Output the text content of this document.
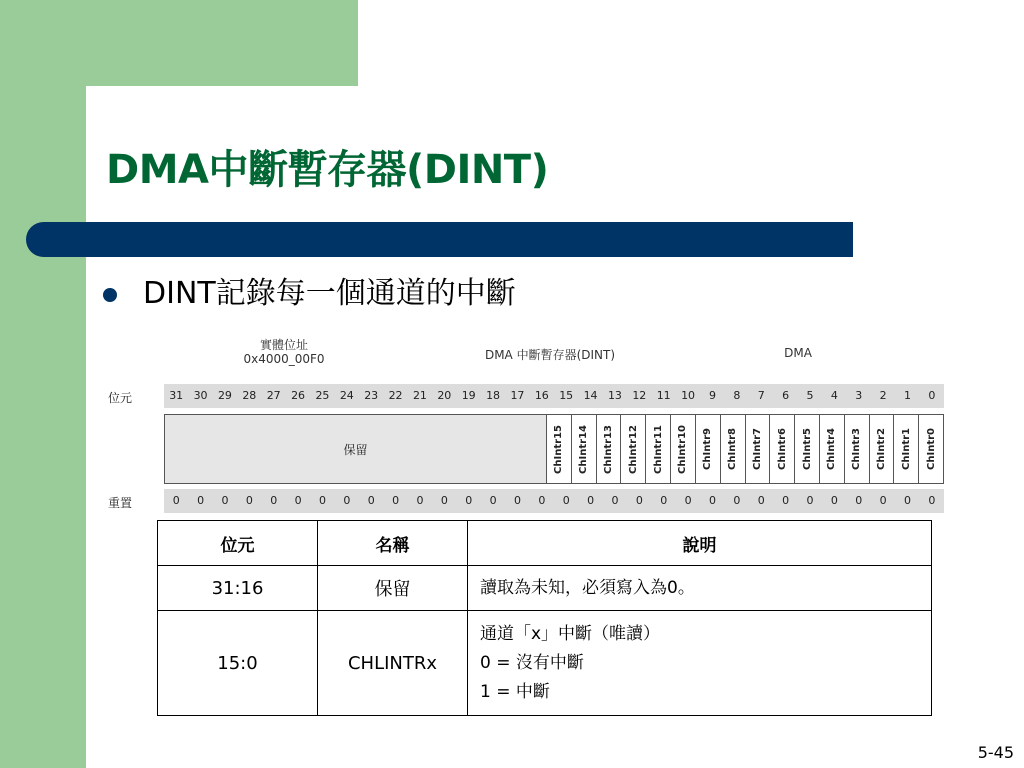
DMA中斷暫存器(DINT)
DINT記錄每一個通道的中斷
實體位址
0x4000_00F0	DMA 中斷暫存器(DINT)	DMA
位元	31 30 29 28 27 26 25 24 23 22 21 20 19 18 17 16 15 14 13 12 11 10	9	8	7	6	5	4	3	2	1	0
保留	ChIntr15 ChIntr14 ChIntr13 ChIntr12 ChIntr11 ChIntr10 ChIntr9 ChIntr8 ChIntr7 ChIntr6 ChIntr5 ChIntr4 ChIntr3 ChIntr2 ChIntr1 ChIntr0
重置	0	0	0	0	0	0	0	0	0	0	0	0	0	0	0	0	0	0	0	0	0	0	0	0	0	0	0	0	0	0	0	0
位元	名稱	說明
31:16	保留	讀取為未知，必須寫入為0。

15:0	CHLINTRx	通道「x」中斷（唯讀）
0 = 沒有中斷
1 = 中斷
5-45
